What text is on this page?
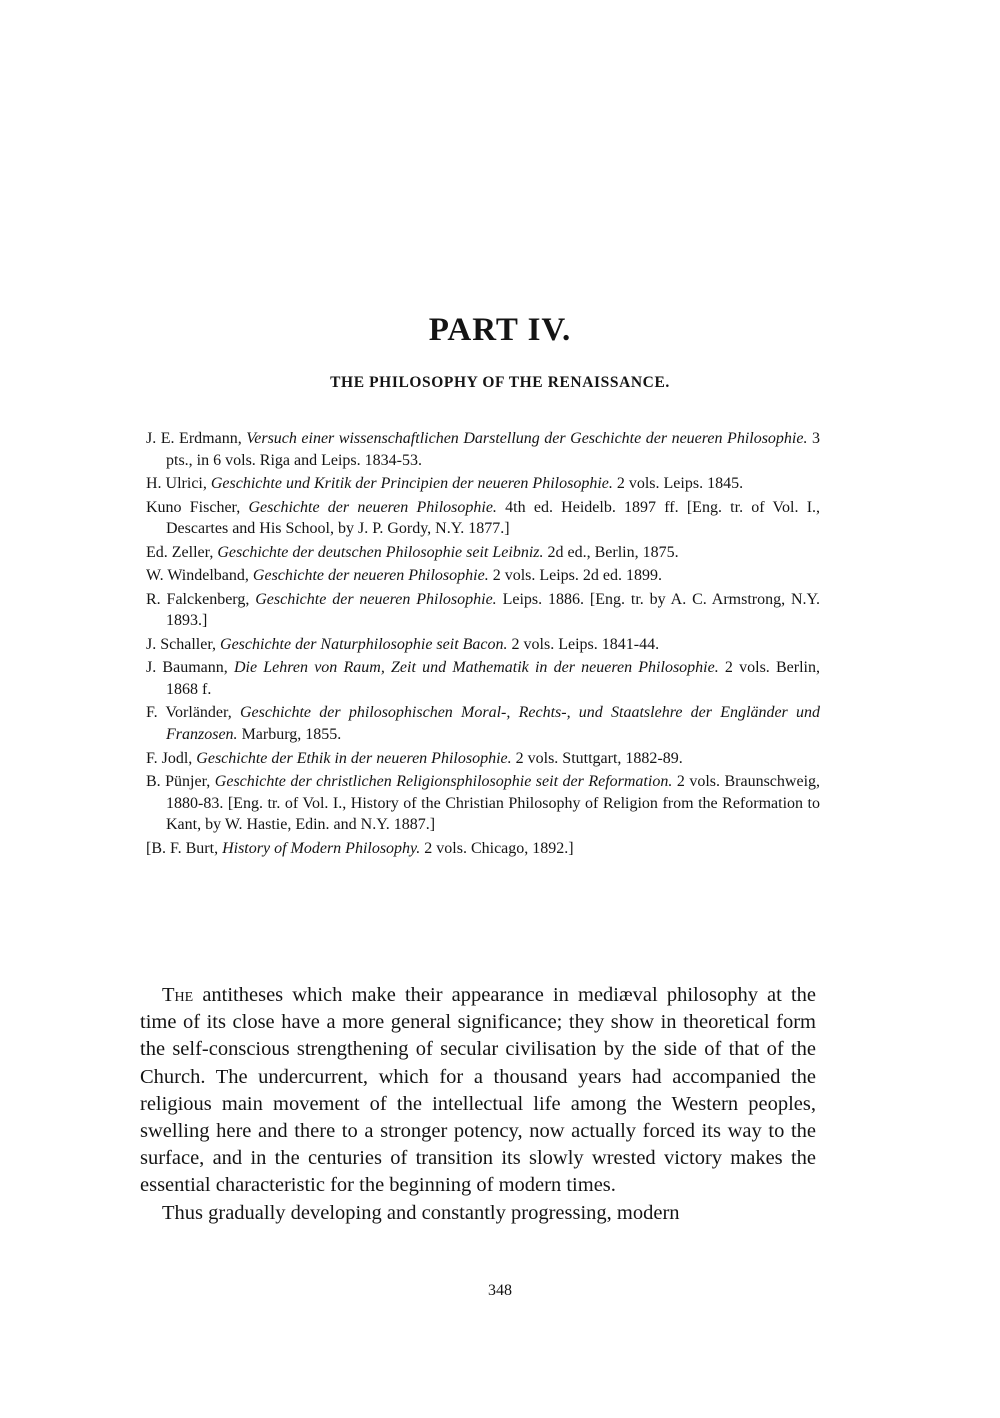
PART IV.
THE PHILOSOPHY OF THE RENAISSANCE.
J. E. Erdmann, Versuch einer wissenschaftlichen Darstellung der Geschichte der neueren Philosophie. 3 pts., in 6 vols. Riga and Leips. 1834-53.
H. Ulrici, Geschichte und Kritik der Principien der neueren Philosophie. 2 vols. Leips. 1845.
Kuno Fischer, Geschichte der neueren Philosophie. 4th ed. Heidelb. 1897 ff. [Eng. tr. of Vol. I., Descartes and His School, by J. P. Gordy, N.Y. 1877.]
Ed. Zeller, Geschichte der deutschen Philosophie seit Leibniz. 2d ed., Berlin, 1875.
W. Windelband, Geschichte der neueren Philosophie. 2 vols. Leips. 2d ed. 1899.
R. Falckenberg, Geschichte der neueren Philosophie. Leips. 1886. [Eng. tr. by A. C. Armstrong, N.Y. 1893.]
J. Schaller, Geschichte der Naturphilosophie seit Bacon. 2 vols. Leips. 1841-44.
J. Baumann, Die Lehren von Raum, Zeit und Mathematik in der neueren Philosophie. 2 vols. Berlin, 1868 f.
F. Vorländer, Geschichte der philosophischen Moral-, Rechts-, und Staatslehre der Engländer und Franzosen. Marburg, 1855.
F. Jodl, Geschichte der Ethik in der neueren Philosophie. 2 vols. Stuttgart, 1882-89.
B. Pünjer, Geschichte der christlichen Religionsphilosophie seit der Reformation. 2 vols. Braunschweig, 1880-83. [Eng. tr. of Vol. I., History of the Christian Philosophy of Religion from the Reformation to Kant, by W. Hastie, Edin. and N.Y. 1887.]
[B. F. Burt, History of Modern Philosophy. 2 vols. Chicago, 1892.]

The antitheses which make their appearance in mediæval philosophy at the time of its close have a more general significance; they show in theoretical form the self-conscious strengthening of secular civilisation by the side of that of the Church. The undercurrent, which for a thousand years had accompanied the religious main movement of the intellectual life among the Western peoples, swelling here and there to a stronger potency, now actually forced its way to the surface, and in the centuries of transition its slowly wrested victory makes the essential characteristic for the beginning of modern times.

Thus gradually developing and constantly progressing, modern

348
